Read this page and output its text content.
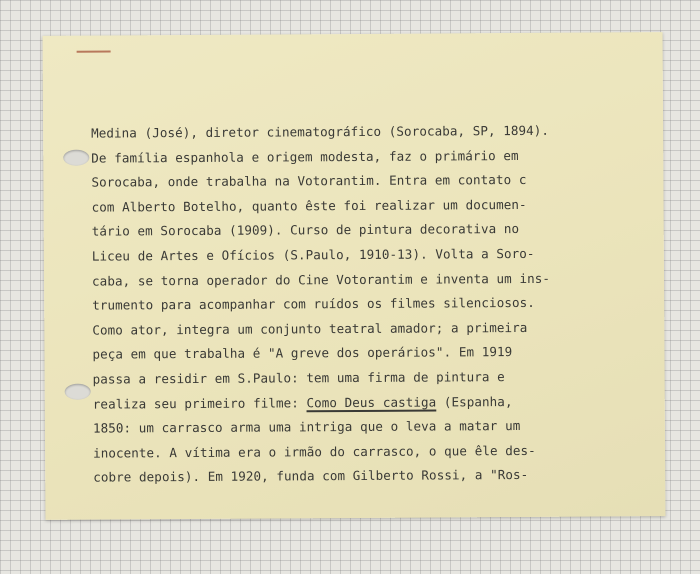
Medina (José), diretor cinematográfico (Sorocaba, SP, 1894).
De família espanhola e origem modesta, faz o primário em
Sorocaba, onde trabalha na Votorantim. Entra em contato c
com Alberto Botelho, quanto êste foi realizar um documen-
tário em Sorocaba (1909). Curso de pintura decorativa no
Liceu de Artes e Ofícios (S.Paulo, 1910-13). Volta a Soro-
caba, se torna operador do Cine Votorantim e inventa um ins-
trumento para acompanhar com ruídos os filmes silenciosos.
Como ator, integra um conjunto teatral amador; a primeira
peça em que trabalha é "A greve dos operários". Em 1919
passa a residir em S.Paulo: tem uma firma de pintura e
realiza seu primeiro filme: Como Deus castiga (Espanha,
1850: um carrasco arma uma intriga que o leva a matar um
inocente. A vítima era o irmão do carrasco, o que êle des-
cobre depois). Em 1920, funda com Gilberto Rossi, a "Ros-
